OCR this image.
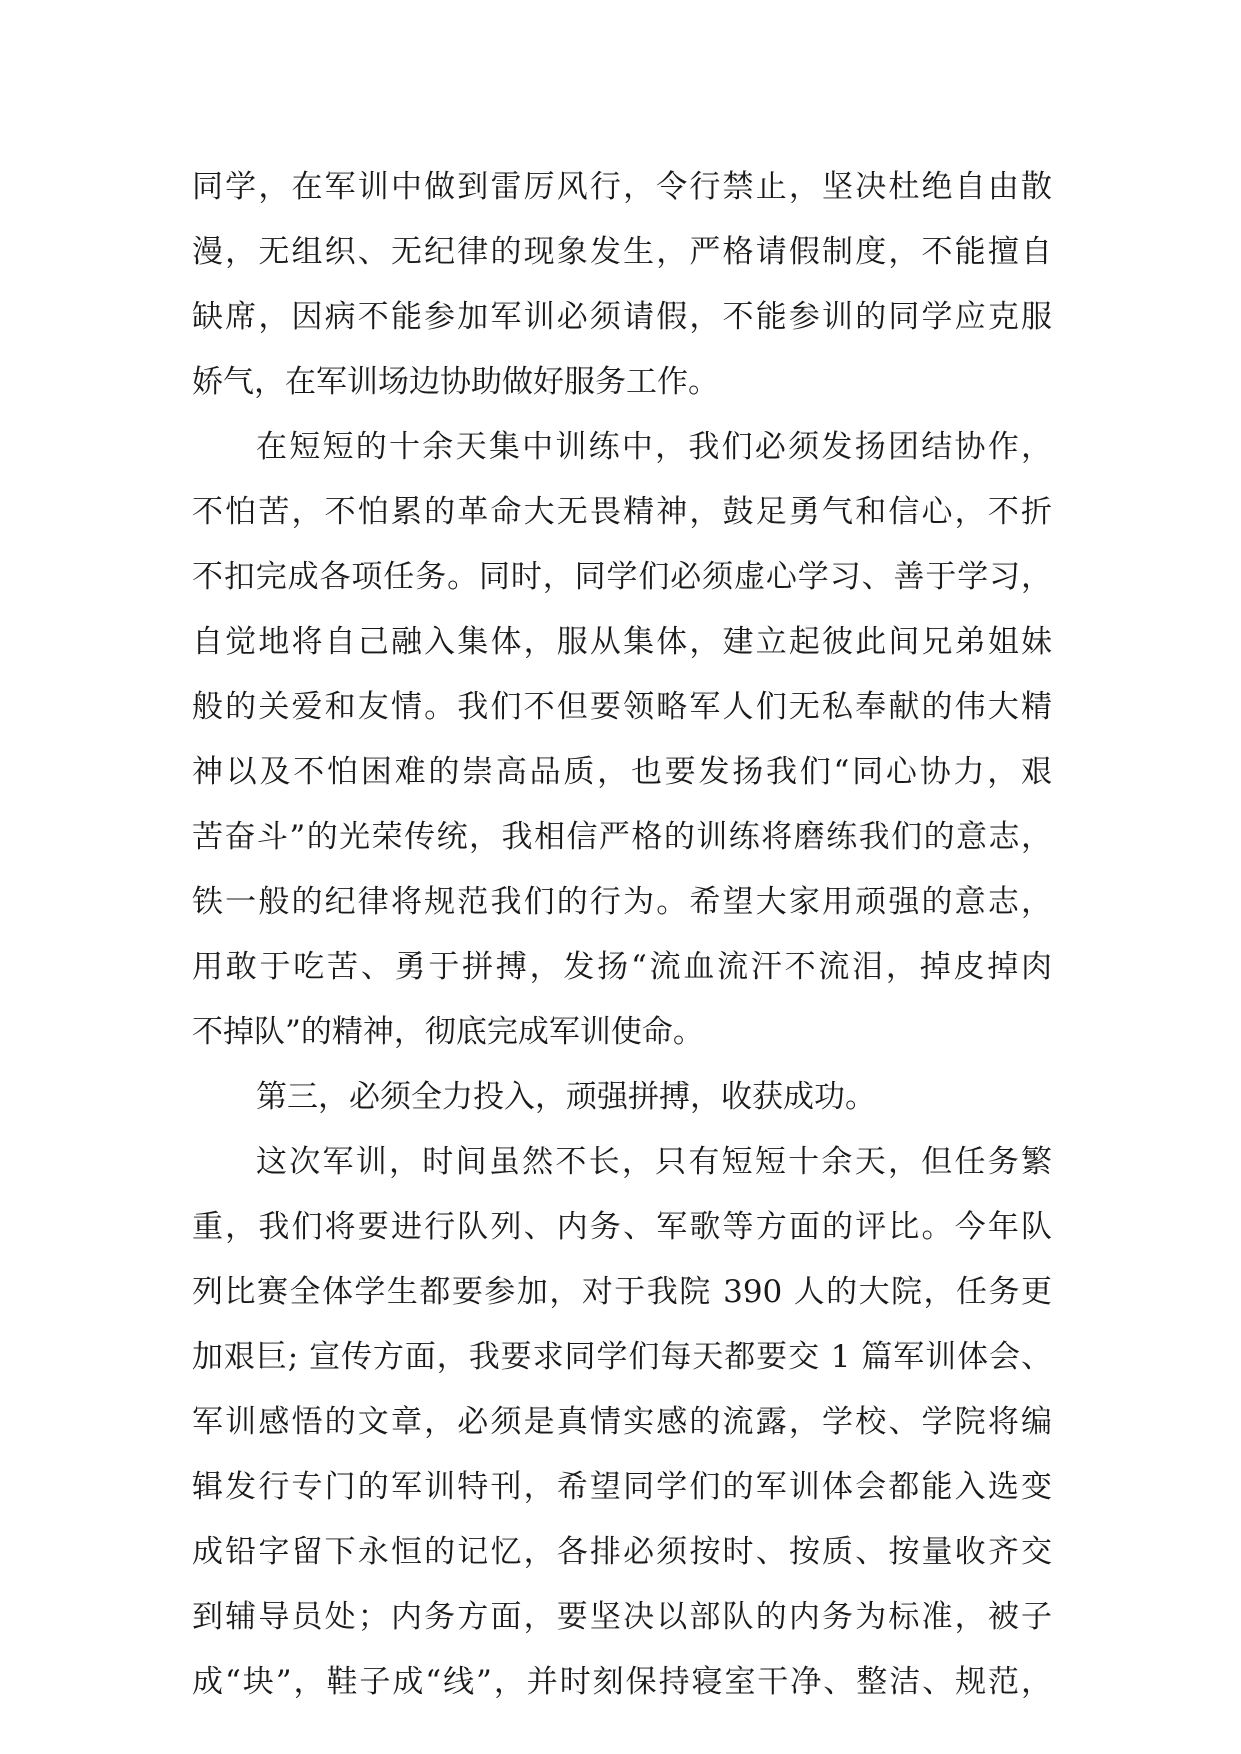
同学，在军训中做到雷厉风行，令行禁止，坚决杜绝自由散
漫，无组织、无纪律的现象发生，严格请假制度，不能擅自
缺席，因病不能参加军训必须请假，不能参训的同学应克服
娇气，在军训场边协助做好服务工作。
在短短的十余天集中训练中，我们必须发扬团结协作，
不怕苦，不怕累的革命大无畏精神，鼓足勇气和信心，不折
不扣完成各项任务。同时，同学们必须虚心学习、善于学习，
自觉地将自己融入集体，服从集体，建立起彼此间兄弟姐妹
般的关爱和友情。我们不但要领略军人们无私奉献的伟大精
神以及不怕困难的崇高品质，也要发扬我们“同心协力，艰
苦奋斗”的光荣传统，我相信严格的训练将磨练我们的意志，
铁一般的纪律将规范我们的行为。希望大家用顽强的意志，
用敢于吃苦、勇于拼搏，发扬“流血流汗不流泪，掉皮掉肉
不掉队”的精神，彻底完成军训使命。
第三，必须全力投入，顽强拼搏，收获成功。
这次军训，时间虽然不长，只有短短十余天，但任务繁
重，我们将要进行队列、内务、军歌等方面的评比。今年队
列比赛全体学生都要参加，对于我院 390 人的大院，任务更
加艰巨; 宣传方面，我要求同学们每天都要交 1 篇军训体会、
军训感悟的文章，必须是真情实感的流露，学校、学院将编
辑发行专门的军训特刊，希望同学们的军训体会都能入选变
成铅字留下永恒的记忆，各排必须按时、按质、按量收齐交
到辅导员处；内务方面，要坚决以部队的内务为标准，被子
成“块”，鞋子成“线”，并时刻保持寝室干净、整洁、规范，
